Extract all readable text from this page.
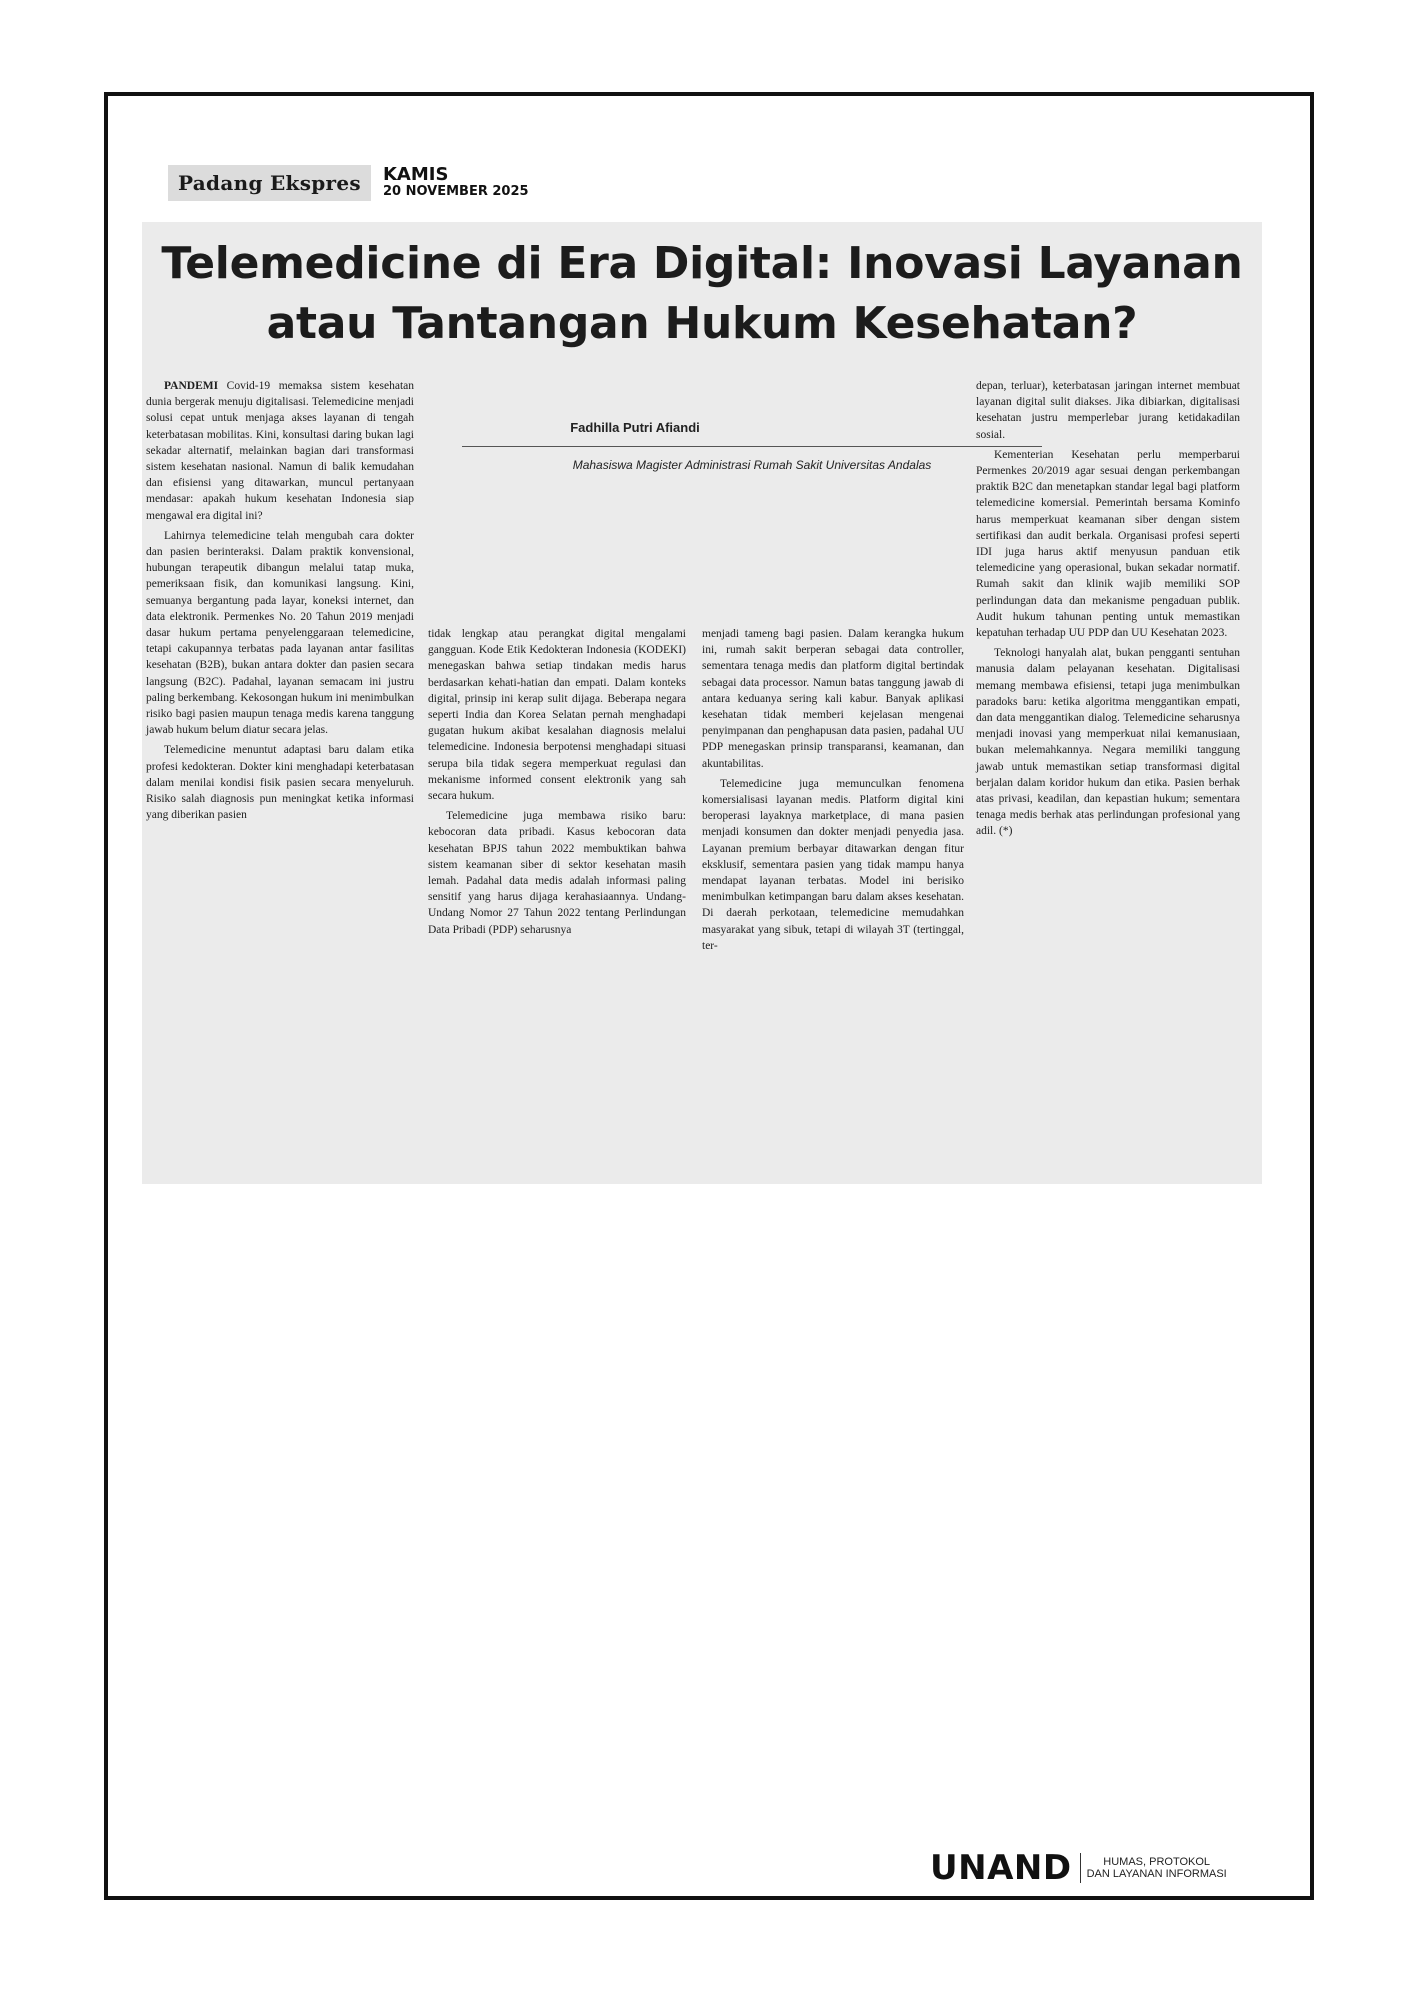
Padang Ekspres	KAMIS
20 NOVEMBER 2025
Telemedicine di Era Digital: Inovasi Layanan
atau Tantangan Hukum Kesehatan?
Fadhilla Putri Afiandi
Mahasiswa Magister Administrasi Rumah Sakit Universitas Andalas

PANDEMI Covid-19 memaksa sistem kesehatan dunia bergerak menuju digitalisasi. Telemedicine menjadi solusi cepat untuk menjaga akses layanan di tengah keterbatasan mobilitas. Kini, konsultasi daring bukan lagi sekadar alternatif, melainkan bagian dari transformasi sistem kesehatan nasional. Namun di balik kemudahan dan efisiensi yang ditawarkan, muncul pertanyaan mendasar: apakah hukum kesehatan Indonesia siap mengawal era digital ini?

Lahirnya telemedicine telah mengubah cara dokter dan pasien berinteraksi. Dalam praktik konvensional, hubungan terapeutik dibangun melalui tatap muka, pemeriksaan fisik, dan komunikasi langsung. Kini, semuanya bergantung pada layar, koneksi internet, dan data elektronik. Permenkes No. 20 Tahun 2019 menjadi dasar hukum pertama penyelenggaraan telemedicine, tetapi cakupannya terbatas pada layanan antar fasilitas kesehatan (B2B), bukan antara dokter dan pasien secara langsung (B2C). Padahal, layanan semacam ini justru paling berkembang. Kekosongan hukum ini menimbulkan risiko bagi pasien maupun tenaga medis karena tanggung jawab hukum belum diatur secara jelas.

Telemedicine menuntut adaptasi baru dalam etika profesi kedokteran. Dokter kini menghadapi keterbatasan dalam menilai kondisi fisik pasien secara menyeluruh. Risiko salah diagnosis pun meningkat ketika informasi yang diberikan pasien

tidak lengkap atau perangkat digital mengalami gangguan. Kode Etik Kedokteran Indonesia (KODEKI) menegaskan bahwa setiap tindakan medis harus berdasarkan kehati-hatian dan empati. Dalam konteks digital, prinsip ini kerap sulit dijaga. Beberapa negara seperti India dan Korea Selatan pernah menghadapi gugatan hukum akibat kesalahan diagnosis melalui telemedicine. Indonesia berpotensi menghadapi situasi serupa bila tidak segera memperkuat regulasi dan mekanisme informed consent elektronik yang sah secara hukum.

Telemedicine juga membawa risiko baru: kebocoran data pribadi. Kasus kebocoran data kesehatan BPJS tahun 2022 membuktikan bahwa sistem keamanan siber di sektor kesehatan masih lemah. Padahal data medis adalah informasi paling sensitif yang harus dijaga kerahasiaannya. Undang-Undang Nomor 27 Tahun 2022 tentang Perlindungan Data Pribadi (PDP) seharusnya

menjadi tameng bagi pasien. Dalam kerangka hukum ini, rumah sakit berperan sebagai data controller, sementara tenaga medis dan platform digital bertindak sebagai data processor. Namun batas tanggung jawab di antara keduanya sering kali kabur. Banyak aplikasi kesehatan tidak memberi kejelasan mengenai penyimpanan dan penghapusan data pasien, padahal UU PDP menegaskan prinsip transparansi, keamanan, dan akuntabilitas.

Telemedicine juga memunculkan fenomena komersialisasi layanan medis. Platform digital kini beroperasi layaknya marketplace, di mana pasien menjadi konsumen dan dokter menjadi penyedia jasa. Layanan premium berbayar ditawarkan dengan fitur eksklusif, sementara pasien yang tidak mampu hanya mendapat layanan terbatas. Model ini berisiko menimbulkan ketimpangan baru dalam akses kesehatan. Di daerah perkotaan, telemedicine memudahkan masyarakat yang sibuk, tetapi di wilayah 3T (tertinggal, ter-

depan, terluar), keterbatasan jaringan internet membuat layanan digital sulit diakses. Jika dibiarkan, digitalisasi kesehatan justru memperlebar jurang ketidakadilan sosial.

Kementerian Kesehatan perlu memperbarui Permenkes 20/2019 agar sesuai dengan perkembangan praktik B2C dan menetapkan standar legal bagi platform telemedicine komersial. Pemerintah bersama Kominfo harus memperkuat keamanan siber dengan sistem sertifikasi dan audit berkala. Organisasi profesi seperti IDI juga harus aktif menyusun panduan etik telemedicine yang operasional, bukan sekadar normatif. Rumah sakit dan klinik wajib memiliki SOP perlindungan data dan mekanisme pengaduan publik. Audit hukum tahunan penting untuk memastikan kepatuhan terhadap UU PDP dan UU Kesehatan 2023.

Teknologi hanyalah alat, bukan pengganti sentuhan manusia dalam pelayanan kesehatan. Digitalisasi memang membawa efisiensi, tetapi juga menimbulkan paradoks baru: ketika algoritma menggantikan empati, dan data menggantikan dialog. Telemedicine seharusnya menjadi inovasi yang memperkuat nilai kemanusiaan, bukan melemahkannya. Negara memiliki tanggung jawab untuk memastikan setiap transformasi digital berjalan dalam koridor hukum dan etika. Pasien berhak atas privasi, keadilan, dan kepastian hukum; sementara tenaga medis berhak atas perlindungan profesional yang adil. (*)

UNAND	HUMAS, PROTOKOL
DAN LAYANAN INFORMASI
